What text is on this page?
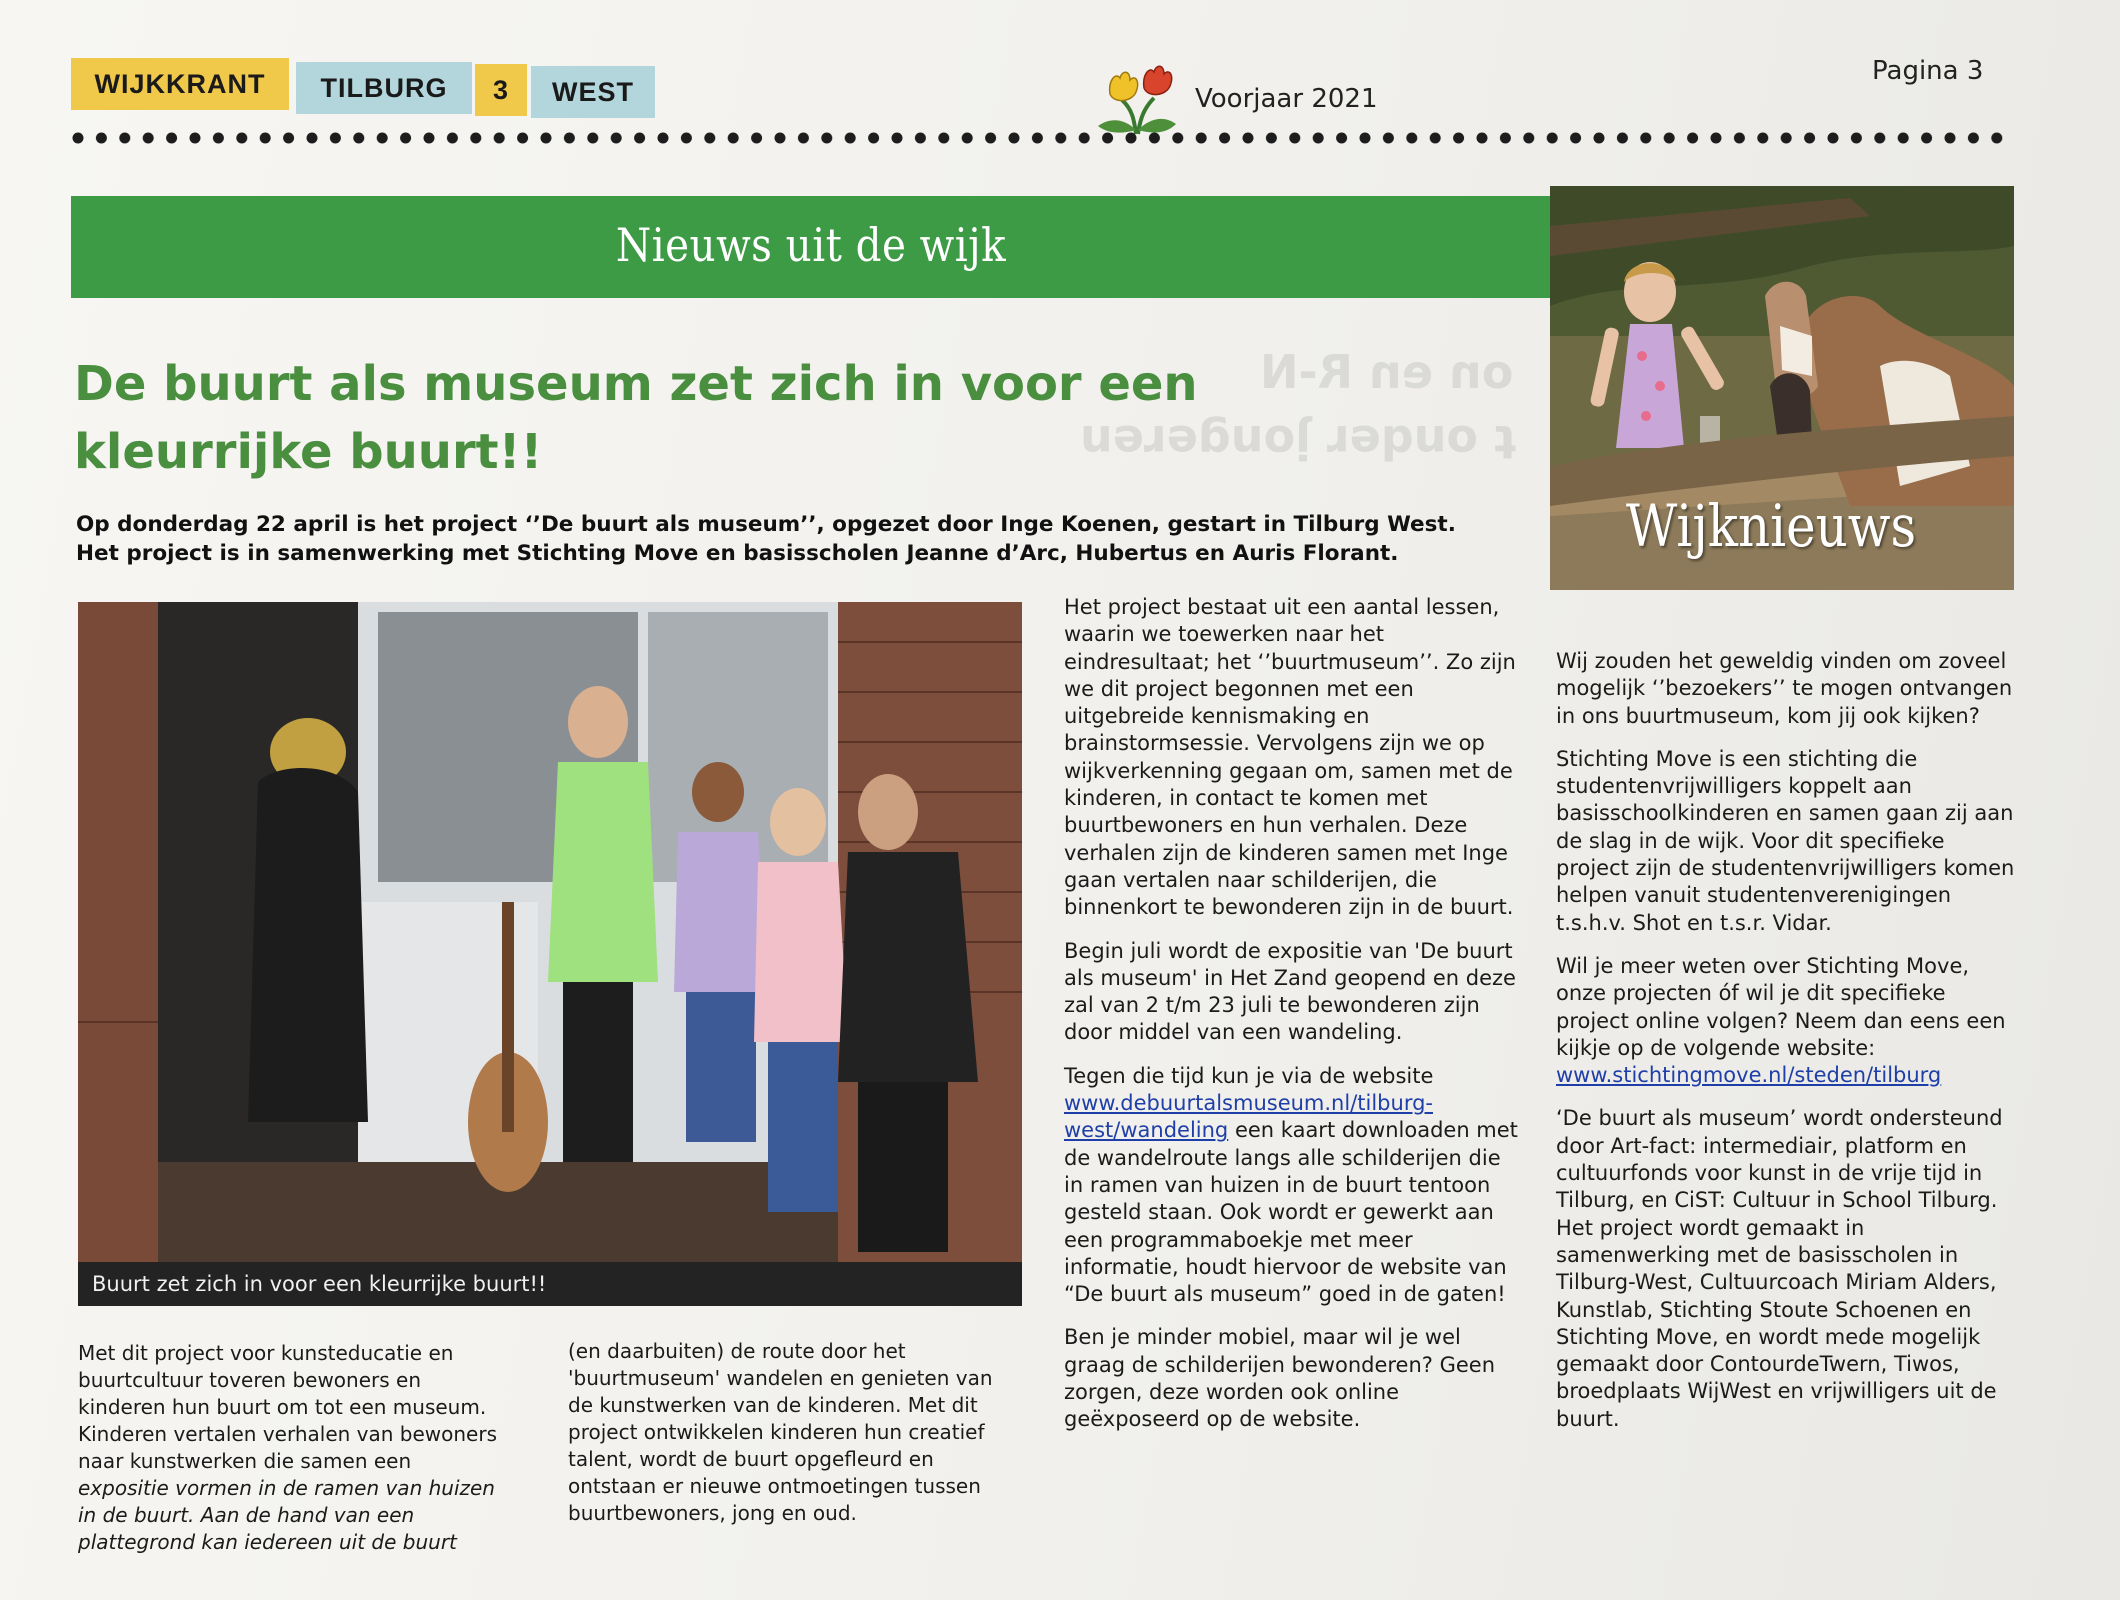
on en R-N
t onder jongeren
WIJKKRANT	TILBURG	3	WEST	Voorjaar 2021
Pagina 3
Nieuws uit de wijk
Wijknieuws
De buurt als museum zet zich in voor een kleurrijke buurt!!

Op donderdag 22 april is het project ‘’De buurt als museum’’, opgezet door Inge Koenen, gestart in Tilburg West. Het project is in samenwerking met Stichting Move en basisscholen Jeanne d’Arc, Hubertus en Auris Florant.

Buurt zet zich in voor een kleurrijke buurt!!

Met dit project voor kunsteducatie en buurtcultuur toveren bewoners en kinderen hun buurt om tot een museum. Kinderen vertalen verhalen van bewoners naar kunstwerken die samen een expositie vormen in de ramen van huizen in de buurt. Aan de hand van een plattegrond kan iedereen uit de buurt

(en daarbuiten) de route door het 'buurtmuseum' wandelen en genieten van de kunstwerken van de kinderen. Met dit project ontwikkelen kinderen hun creatief talent, wordt de buurt opgefleurd en ontstaan er nieuwe ontmoetingen tussen buurtbewoners, jong en oud.

Het project bestaat uit een aantal lessen, waarin we toewerken naar het eindresultaat; het ‘’buurtmuseum’’. Zo zijn we dit project begonnen met een uitgebreide kennismaking en brainstormsessie. Vervolgens zijn we op wijkverkenning gegaan om, samen met de kinderen, in contact te komen met buurtbewoners en hun verhalen. Deze verhalen zijn de kinderen samen met Inge gaan vertalen naar schilderijen, die binnenkort te bewonderen zijn in de buurt.

Begin juli wordt de expositie van 'De buurt als museum' in Het Zand geopend en deze zal van 2 t/m 23 juli te bewonderen zijn door middel van een wandeling.

Tegen die tijd kun je via de website www.debuurtalsmuseum.nl/tilburg-west/wandeling een kaart downloaden met de wandelroute langs alle schilderijen die in ramen van huizen in de buurt tentoon gesteld staan. Ook wordt er gewerkt aan een programmaboekje met meer informatie, houdt hiervoor de website van “De buurt als museum” goed in de gaten!

Ben je minder mobiel, maar wil je wel graag de schilderijen bewonderen? Geen zorgen, deze worden ook online geëxposeerd op de website.

Wij zouden het geweldig vinden om zoveel mogelijk ‘’bezoekers’’ te mogen ontvangen in ons buurtmuseum, kom jij ook kijken?

Stichting Move is een stichting die studentenvrijwilligers koppelt aan basisschoolkinderen en samen gaan zij aan de slag in de wijk. Voor dit specifieke project zijn de studentenvrijwilligers komen helpen vanuit studentenverenigingen t.s.h.v. Shot en t.s.r. Vidar.

Wil je meer weten over Stichting Move, onze projecten óf wil je dit specifieke project online volgen? Neem dan eens een kijkje op de volgende website: www.stichtingmove.nl/steden/tilburg

‘De buurt als museum’ wordt ondersteund door Art-fact: intermediair, platform en cultuurfonds voor kunst in de vrije tijd in Tilburg, en CiST: Cultuur in School Tilburg. Het project wordt gemaakt in samenwerking met de basisscholen in Tilburg-West, Cultuurcoach Miriam Alders, Kunstlab, Stichting Stoute Schoenen en Stichting Move, en wordt mede mogelijk gemaakt door ContourdeTwern, Tiwos, broedplaats WijWest en vrijwilligers uit de buurt.
